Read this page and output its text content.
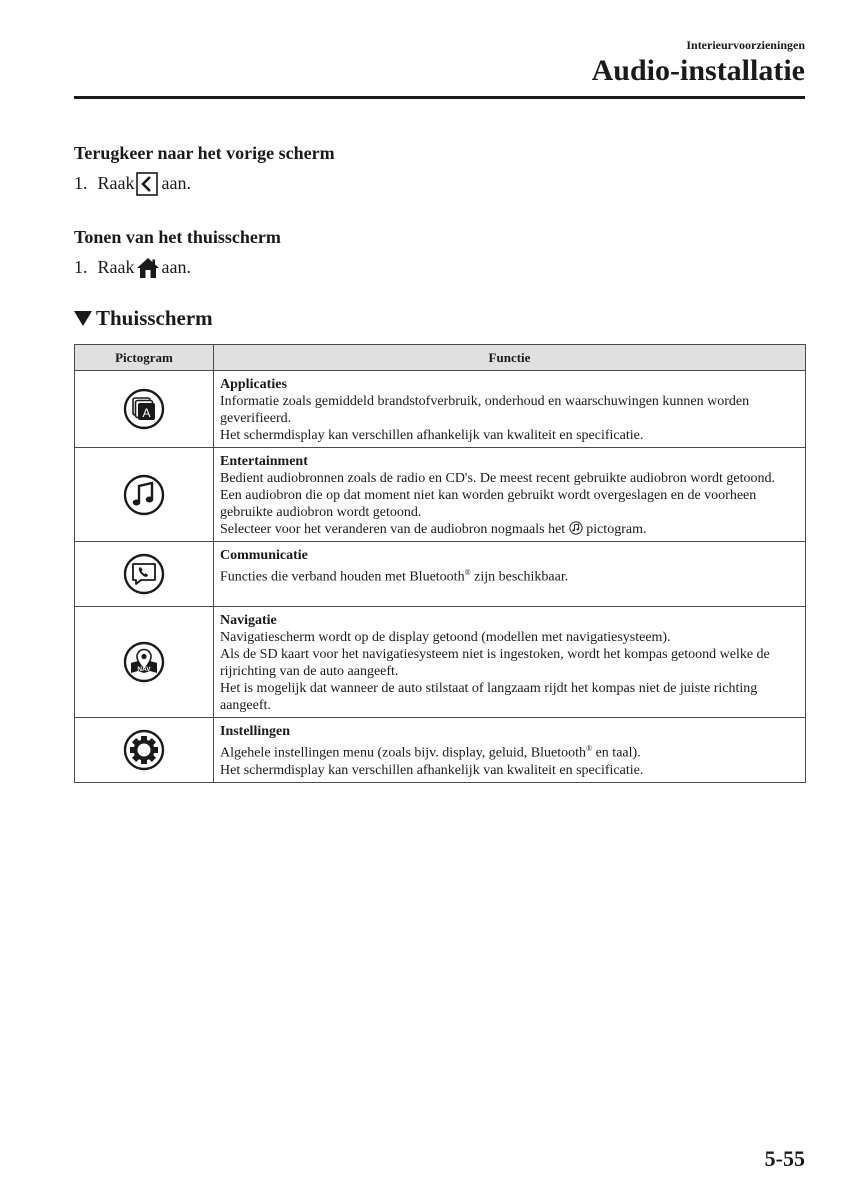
Interieurvoorzieningen
Audio-installatie
Terugkeer naar het vorige scherm
1. Raak aan.
Tonen van het thuisscherm
1. Raak aan.
Thuisscherm
Pictogram	Functie

A	Applicaties
Informatie zoals gemiddeld brandstofverbruik, onderhoud en waarschuwingen kunnen worden geverifieerd.
Het schermdisplay kan verschillen afhankelijk van kwaliteit en specificatie.

Entertainment
Bedient audiobronnen zoals de radio en CD's. De meest recent gebruikte audiobron wordt getoond. Een audiobron die op dat moment niet kan worden gebruikt wordt overgeslagen en de voorheen gebruikte audiobron wordt getoond.
Selecteer voor het veranderen van de audiobron nogmaals het pictogram.

Communicatie
Functies die verband houden met Bluetooth® zijn beschikbaar.

NAV	Navigatie
Navigatiescherm wordt op de display getoond (modellen met navigatiesysteem).
Als de SD kaart voor het navigatiesysteem niet is ingestoken, wordt het kompas getoond welke de rijrichting van de auto aangeeft.
Het is mogelijk dat wanneer de auto stilstaat of langzaam rijdt het kompas niet de juiste richting aangeeft.

Instellingen
Algehele instellingen menu (zoals bijv. display, geluid, Bluetooth® en taal).
Het schermdisplay kan verschillen afhankelijk van kwaliteit en specificatie.
5-55
